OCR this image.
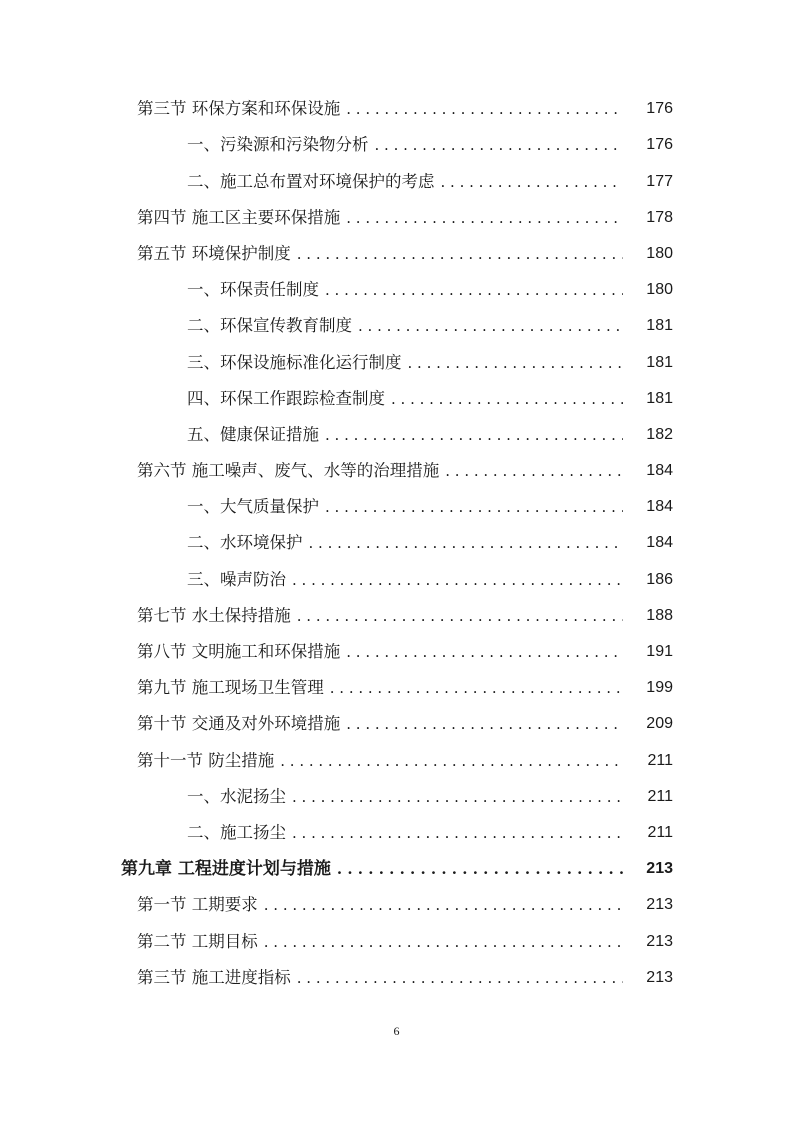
第三节 环保方案和环保设施 . . .	176
一、污染源和污染物分析 . . .	176
二、施工总布置对环境保护的考虑 . . .	177
第四节 施工区主要环保措施 . . .	178
第五节 环境保护制度 . . .	180
一、环保责任制度 . . .	180
二、环保宣传教育制度 . . .	181
三、环保设施标准化运行制度 . . .	181
四、环保工作跟踪检查制度 . . .	181
五、健康保证措施 . . .	182
第六节 施工噪声、废气、水等的治理措施 . . .	184
一、大气质量保护 . . .	184
二、水环境保护 . . .	184
三、噪声防治 . . .	186
第七节 水土保持措施 . . .	188
第八节 文明施工和环保措施 . . .	191
第九节 施工现场卫生管理 . . .	199
第十节 交通及对外环境措施 . . .	209
第十一节 防尘措施 . . .	211
一、水泥扬尘 . . .	211
二、施工扬尘 . . .	211
第九章 工程进度计划与措施 . . .	213
第一节 工期要求 . . .	213
第二节 工期目标 . . .	213
第三节 施工进度指标 . . .	213
6
